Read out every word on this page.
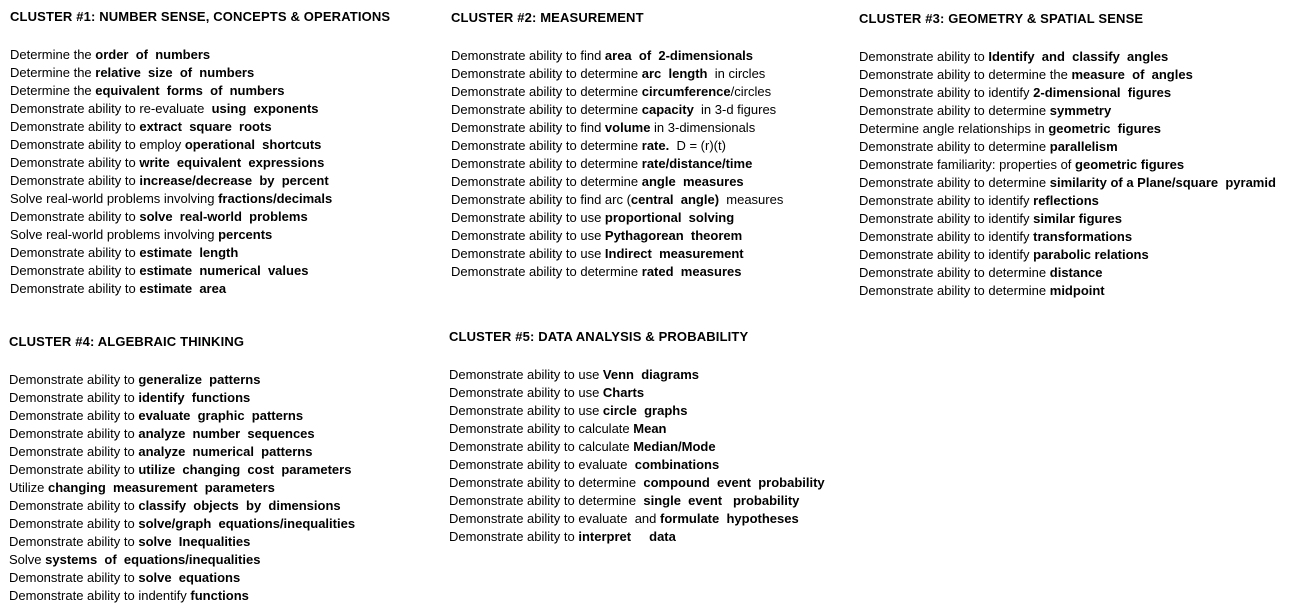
CLUSTER #1: NUMBER SENSE, CONCEPTS & OPERATIONS
Determine the order  of  numbers
Determine the relative  size  of  numbers
Determine the equivalent  forms  of  numbers
Demonstrate ability to re-evaluate  using  exponents
Demonstrate ability to extract  square  roots
Demonstrate ability to employ operational  shortcuts
Demonstrate ability to write  equivalent  expressions
Demonstrate ability to increase/decrease  by  percent
Solve real-world problems involving fractions/decimals
Demonstrate ability to solve  real-world  problems
Solve real-world problems involving percents
Demonstrate ability to estimate  length
Demonstrate ability to estimate  numerical  values
Demonstrate ability to estimate  area
CLUSTER #2: MEASUREMENT
Demonstrate ability to find area  of  2-dimensionals
Demonstrate ability to determine arc  length  in circles
Demonstrate ability to determine circumference/circles
Demonstrate ability to determine capacity  in 3-d figures
Demonstrate ability to find volume in 3-dimensionals
Demonstrate ability to determine rate.  D = (r)(t)
Demonstrate ability to determine rate/distance/time
Demonstrate ability to determine angle  measures
Demonstrate ability to find arc (central  angle)  measures
Demonstrate ability to use proportional  solving
Demonstrate ability to use Pythagorean  theorem
Demonstrate ability to use Indirect  measurement
Demonstrate ability to determine rated  measures
CLUSTER #3: GEOMETRY & SPATIAL SENSE
Demonstrate ability to Identify  and  classify  angles
Demonstrate ability to determine the measure  of  angles
Demonstrate ability to identify 2-dimensional  figures
Demonstrate ability to determine symmetry
Determine angle relationships in geometric  figures
Demonstrate ability to determine parallelism
Demonstrate familiarity: properties of geometric figures
Demonstrate ability to determine similarity of a Plane/square  pyramid
Demonstrate ability to identify reflections
Demonstrate ability to identify similar figures
Demonstrate ability to identify transformations
Demonstrate ability to identify parabolic relations
Demonstrate ability to determine distance
Demonstrate ability to determine midpoint
CLUSTER #4: ALGEBRAIC THINKING
Demonstrate ability to generalize  patterns
Demonstrate ability to identify  functions
Demonstrate ability to evaluate  graphic  patterns
Demonstrate ability to analyze  number  sequences
Demonstrate ability to analyze  numerical  patterns
Demonstrate ability to utilize  changing  cost  parameters
Utilize changing  measurement  parameters
Demonstrate ability to classify  objects  by  dimensions
Demonstrate ability to solve/graph  equations/inequalities
Demonstrate ability to solve  Inequalities
Solve systems  of  equations/inequalities
Demonstrate ability to solve  equations
Demonstrate ability to indentify functions
CLUSTER #5: DATA ANALYSIS & PROBABILITY
Demonstrate ability to use Venn  diagrams
Demonstrate ability to use Charts
Demonstrate ability to use circle  graphs
Demonstrate ability to calculate Mean
Demonstrate ability to calculate Median/Mode
Demonstrate ability to evaluate  combinations
Demonstrate ability to determine  compound  event  probability
Demonstrate ability to determine  single  event   probability
Demonstrate ability to evaluate  and formulate  hypotheses
Demonstrate ability to interpret     data
